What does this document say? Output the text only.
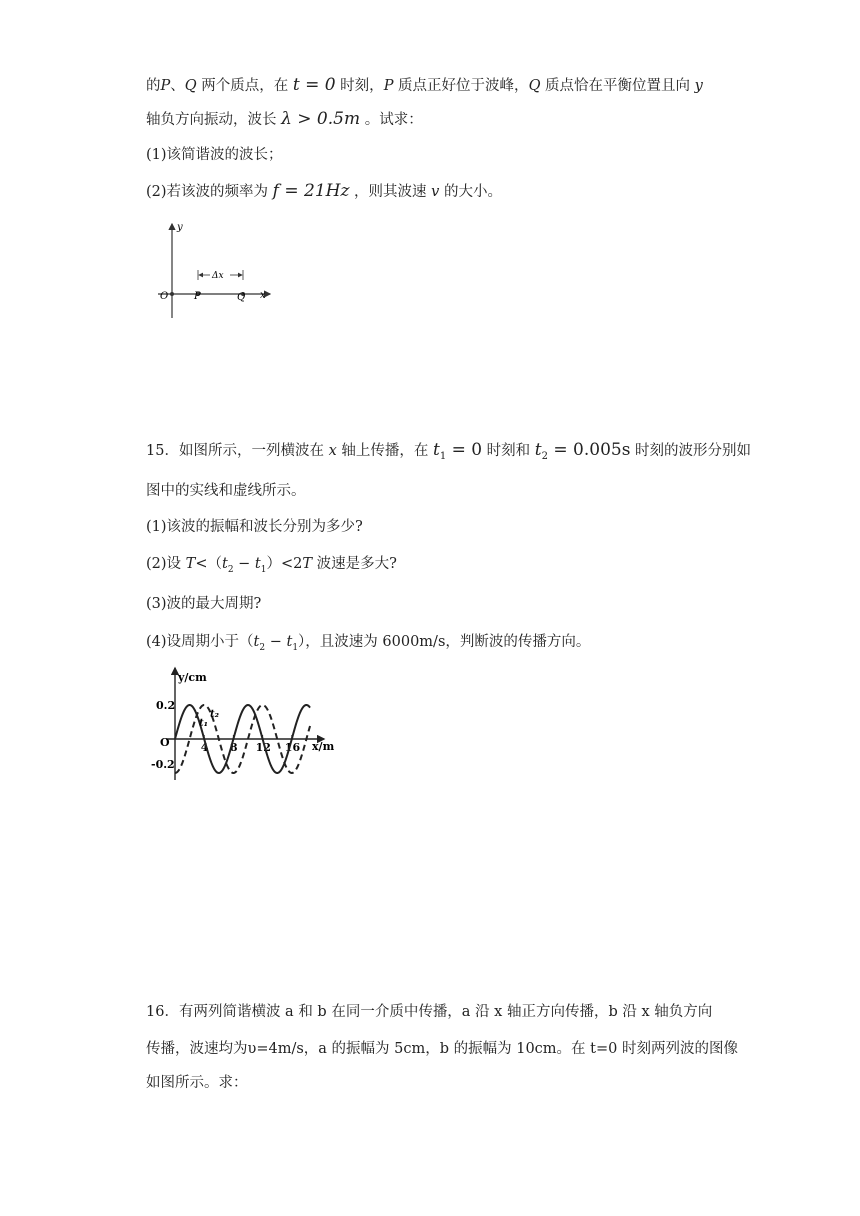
的P、Q 两个质点，在 t = 0 时刻，P 质点正好位于波峰，Q 质点恰在平衡位置且向 y
轴负方向振动，波长 λ > 0.5m 。试求：
(1)该简谐波的波长；
(2)若该波的频率为 f = 21Hz ，则其波速 v 的大小。
y
x
O	P	Q
Δx
15．如图所示，一列横波在 x 轴上传播，在 $t_1 = 0$ 时刻和 $t_2 = 0.005s$ 时刻的波形分别如
图中的实线和虚线所示。
(1)该波的振幅和波长分别为多少?
(2)设 $T<(t_2 - t_1)<2T$ 波速是多大?
(3)波的最大周期?
(4)设周期小于$(t_2 - t_1)$，且波速为 6000m/s，判断波的传播方向。
y/cm
x/m
O
0.2
-0.2
4 8 12 16
t₁
t₂
16．有两列简谐横波 a 和 b 在同一介质中传播，a 沿 x 轴正方向传播，b 沿 x 轴负方向
传播，波速均为υ=4m/s，a 的振幅为 5cm，b 的振幅为 10cm。在 t=0 时刻两列波的图像
如图所示。求：
